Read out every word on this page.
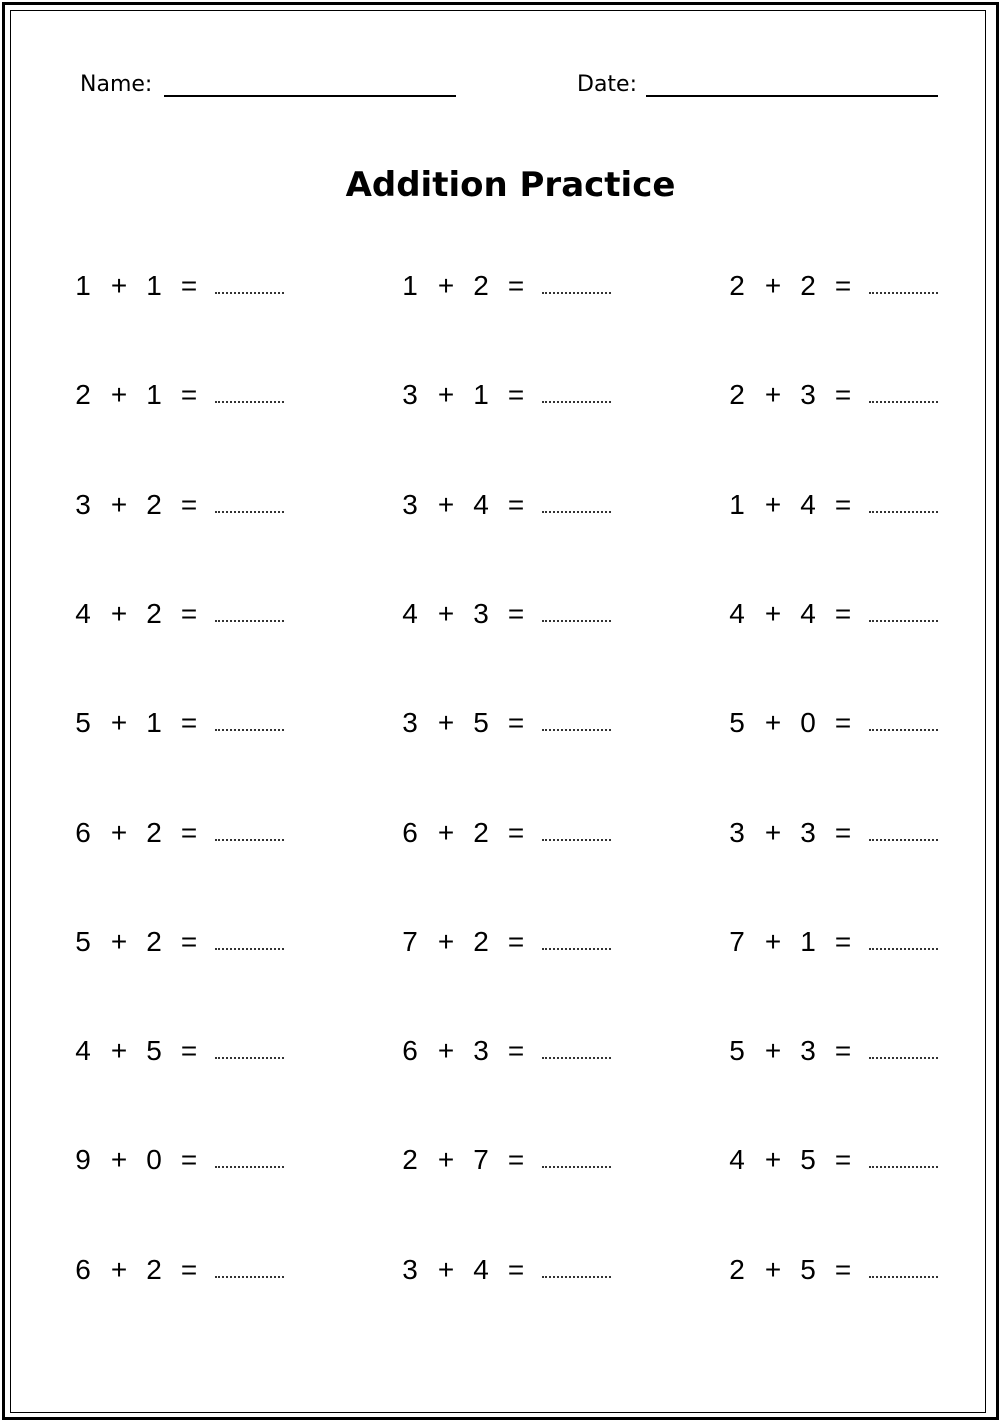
Name:	Date:
Addition Practice
1 + 1 =	1 + 2 =	2 + 2 =
2 + 1 =	3 + 1 =	2 + 3 =
3 + 2 =	3 + 4 =	1 + 4 =
4 + 2 =	4 + 3 =	4 + 4 =
5 + 1 =	3 + 5 =	5 + 0 =
6 + 2 =	6 + 2 =	3 + 3 =
5 + 2 =	7 + 2 =	7 + 1 =
4 + 5 =	6 + 3 =	5 + 3 =
9 + 0 =	2 + 7 =	4 + 5 =
6 + 2 =	3 + 4 =	2 + 5 =
